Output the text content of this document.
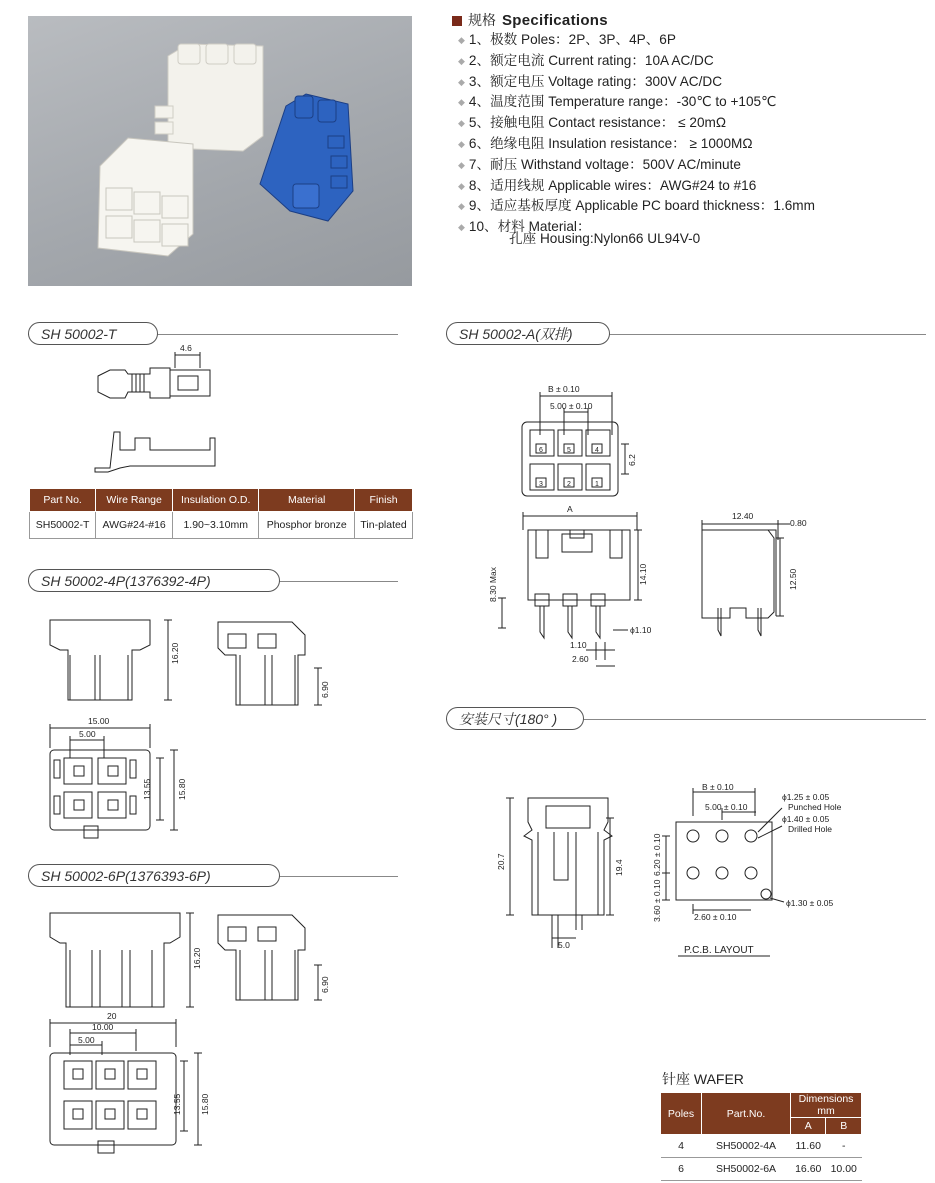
规格 Specifications
◆ 1、极数 Poles：2P、3P、4P、6P
◆ 2、额定电流 Current rating：10A AC/DC
◆ 3、额定电压 Voltage rating：300V AC/DC
◆ 4、温度范围 Temperature range：-30℃ to +105℃
◆ 5、接触电阻 Contact resistance： ≤ 20mΩ
◆ 6、绝缘电阻 Insulation resistance： ≥ 1000MΩ
◆ 7、耐压 Withstand voltage：500V AC/minute
◆ 8、适用线规 Applicable wires：AWG#24 to #16
◆ 9、适应基板厚度 Applicable PC board thickness：1.6mm
◆ 10、材料 Material：
孔座 Housing:Nylon66 UL94V-0
SH 50002-T	SH 50002-A(双排)
SH 50002-4P(1376392-4P)
SH 50002-6P(1376393-6P)
安装尺寸(180° )
4.6
Part No.	Wire Range	Insulation O.D.	Material	Finish
SH50002-T	AWG#24-#16	1.90~3.10mm	Phosphor bronze	Tin-plated
16.20
6.90
15.00
5.00
13.55	15.80
16.20
6.90
20
10.00
5.00
13.55 15.80
B ± 0.10
5.00 ± 0.10
6.2
A
8.30 Max	14.10
ϕ1.10
1.10
2.60
12.40
0.80
12.50
6	5	4
3	2	1
20.7	19.4
5.0
B ± 0.10
5.00 ± 0.10
ϕ1.25 ± 0.05
Punched Hole
ϕ1.40 ± 0.05
Drilled Hole
ϕ1.30 ± 0.05
6.20 ± 0.10
3.60 ± 0.10	2.60 ± 0.10
P.C.B. LAYOUT
针座 WAFER
Poles	Part.No.	Dimensions mm	
		A	B
4	SH50002-4A	11.60	-
6	SH50002-6A	16.60	10.00
